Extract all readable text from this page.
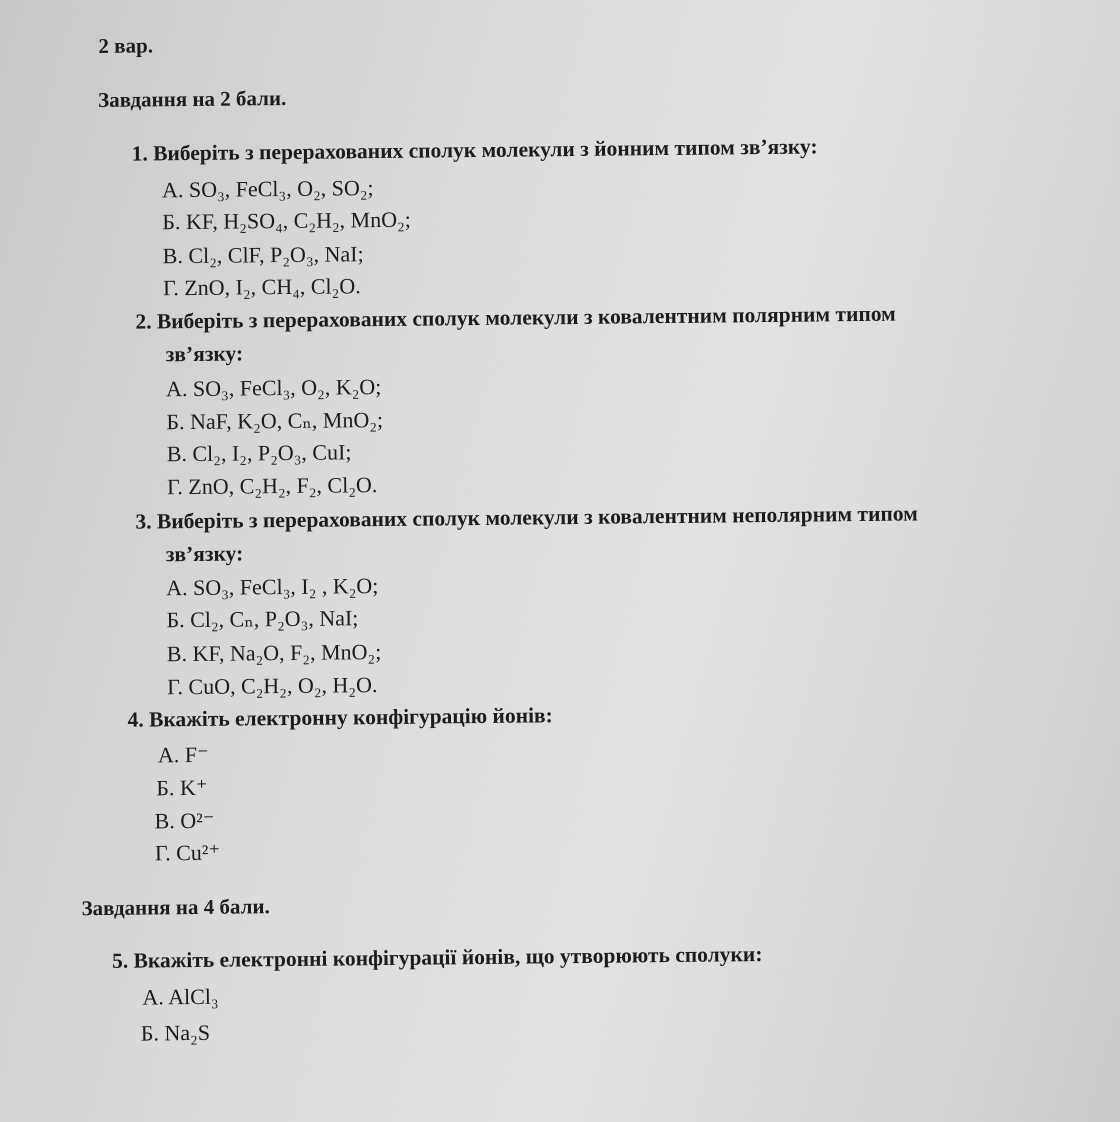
2 вар.
Завдання на 2 бали.
1. Виберіть з перерахованих сполук молекули з йонним типом зв’язку:
A. SO₃, FeCl₃, O₂, SO₂;
Б. KF, H₂SO₄, C₂H₂, MnO₂;
В. Cl₂, ClF, P₂O₃, NaI;
Г. ZnO, I₂, CH₄, Cl₂O.
2. Виберіть з перерахованих сполук молекули з ковалентним полярним типом
зв’язку:
A. SO₃, FeCl₃, O₂, K₂O;
Б. NaF, K₂O, Cₙ, MnO₂;
В. Cl₂, I₂, P₂O₃, CuI;
Г. ZnO, C₂H₂, F₂, Cl₂O.
3. Виберіть з перерахованих сполук молекули з ковалентним неполярним типом
зв’язку:
A. SO₃, FeCl₃, I₂ , K₂O;
Б. Cl₂, Cₙ, P₂O₃, NaI;
В. KF, Na₂O, F₂, MnO₂;
Г. CuO, C₂H₂, O₂, H₂O.
4. Вкажіть електронну конфігурацію йонів:
A. F⁻
Б. K⁺
В. O²⁻
Г. Cu²⁺
Завдання на 4 бали.
5. Вкажіть електронні конфігурації йонів, що утворюють сполуки:
A. AlCl₃
Б. Na₂S
